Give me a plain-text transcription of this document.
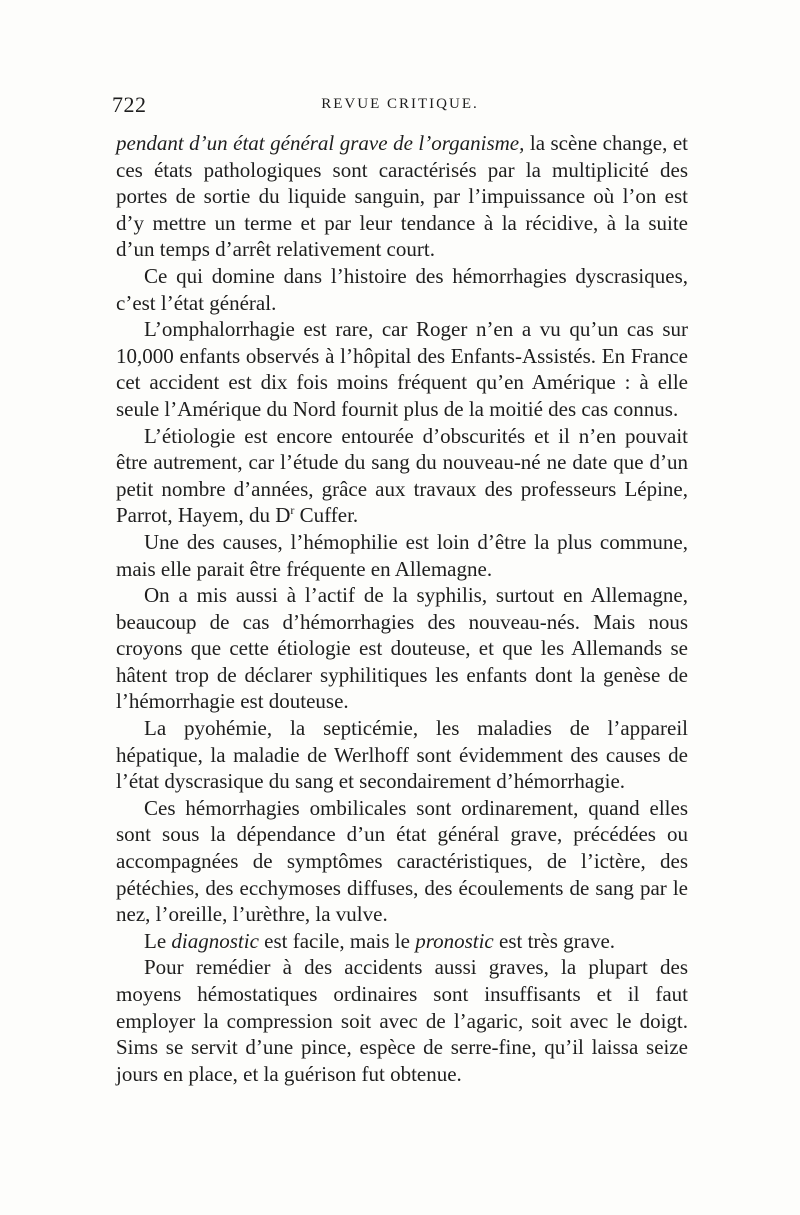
722	REVUE CRITIQUE.

pendant d’un état général grave de l’organisme, la scène change, et ces états pathologiques sont caractérisés par la multiplicité des portes de sortie du liquide sanguin, par l’impuissance où l’on est d’y mettre un terme et par leur tendance à la récidive, à la suite d’un temps d’arrêt relativement court.

Ce qui domine dans l’histoire des hémorrhagies dyscrasiques, c’est l’état général.

L’omphalorrhagie est rare, car Roger n’en a vu qu’un cas sur 10,000 enfants observés à l’hôpital des Enfants-Assistés. En France cet accident est dix fois moins fréquent qu’en Amérique : à elle seule l’Amérique du Nord fournit plus de la moitié des cas connus.

L’étiologie est encore entourée d’obscurités et il n’en pouvait être autrement, car l’étude du sang du nouveau-né ne date que d’un petit nombre d’années, grâce aux travaux des professeurs Lépine, Parrot, Hayem, du $D^r$ Cuffer.

Une des causes, l’hémophilie est loin d’être la plus commune, mais elle parait être fréquente en Allemagne.

On a mis aussi à l’actif de la syphilis, surtout en Allemagne, beaucoup de cas d’hémorrhagies des nouveau-nés. Mais nous croyons que cette étiologie est douteuse, et que les Allemands se hâtent trop de déclarer syphilitiques les enfants dont la genèse de l’hémorrhagie est douteuse.

La pyohémie, la septicémie, les maladies de l’appareil hépatique, la maladie de Werlhoff sont évidemment des causes de l’état dyscrasique du sang et secondairement d’hémorrhagie.

Ces hémorrhagies ombilicales sont ordinarement, quand elles sont sous la dépendance d’un état général grave, précédées ou accompagnées de symptômes caractéristiques, de l’ictère, des pétéchies, des ecchymoses diffuses, des écoulements de sang par le nez, l’oreille, l’urèthre, la vulve.

Le diagnostic est facile, mais le pronostic est très grave.

Pour remédier à des accidents aussi graves, la plupart des moyens hémostatiques ordinaires sont insuffisants et il faut employer la compression soit avec de l’agaric, soit avec le doigt. Sims se servit d’une pince, espèce de serre-fine, qu’il laissa seize jours en place, et la guérison fut obtenue.
